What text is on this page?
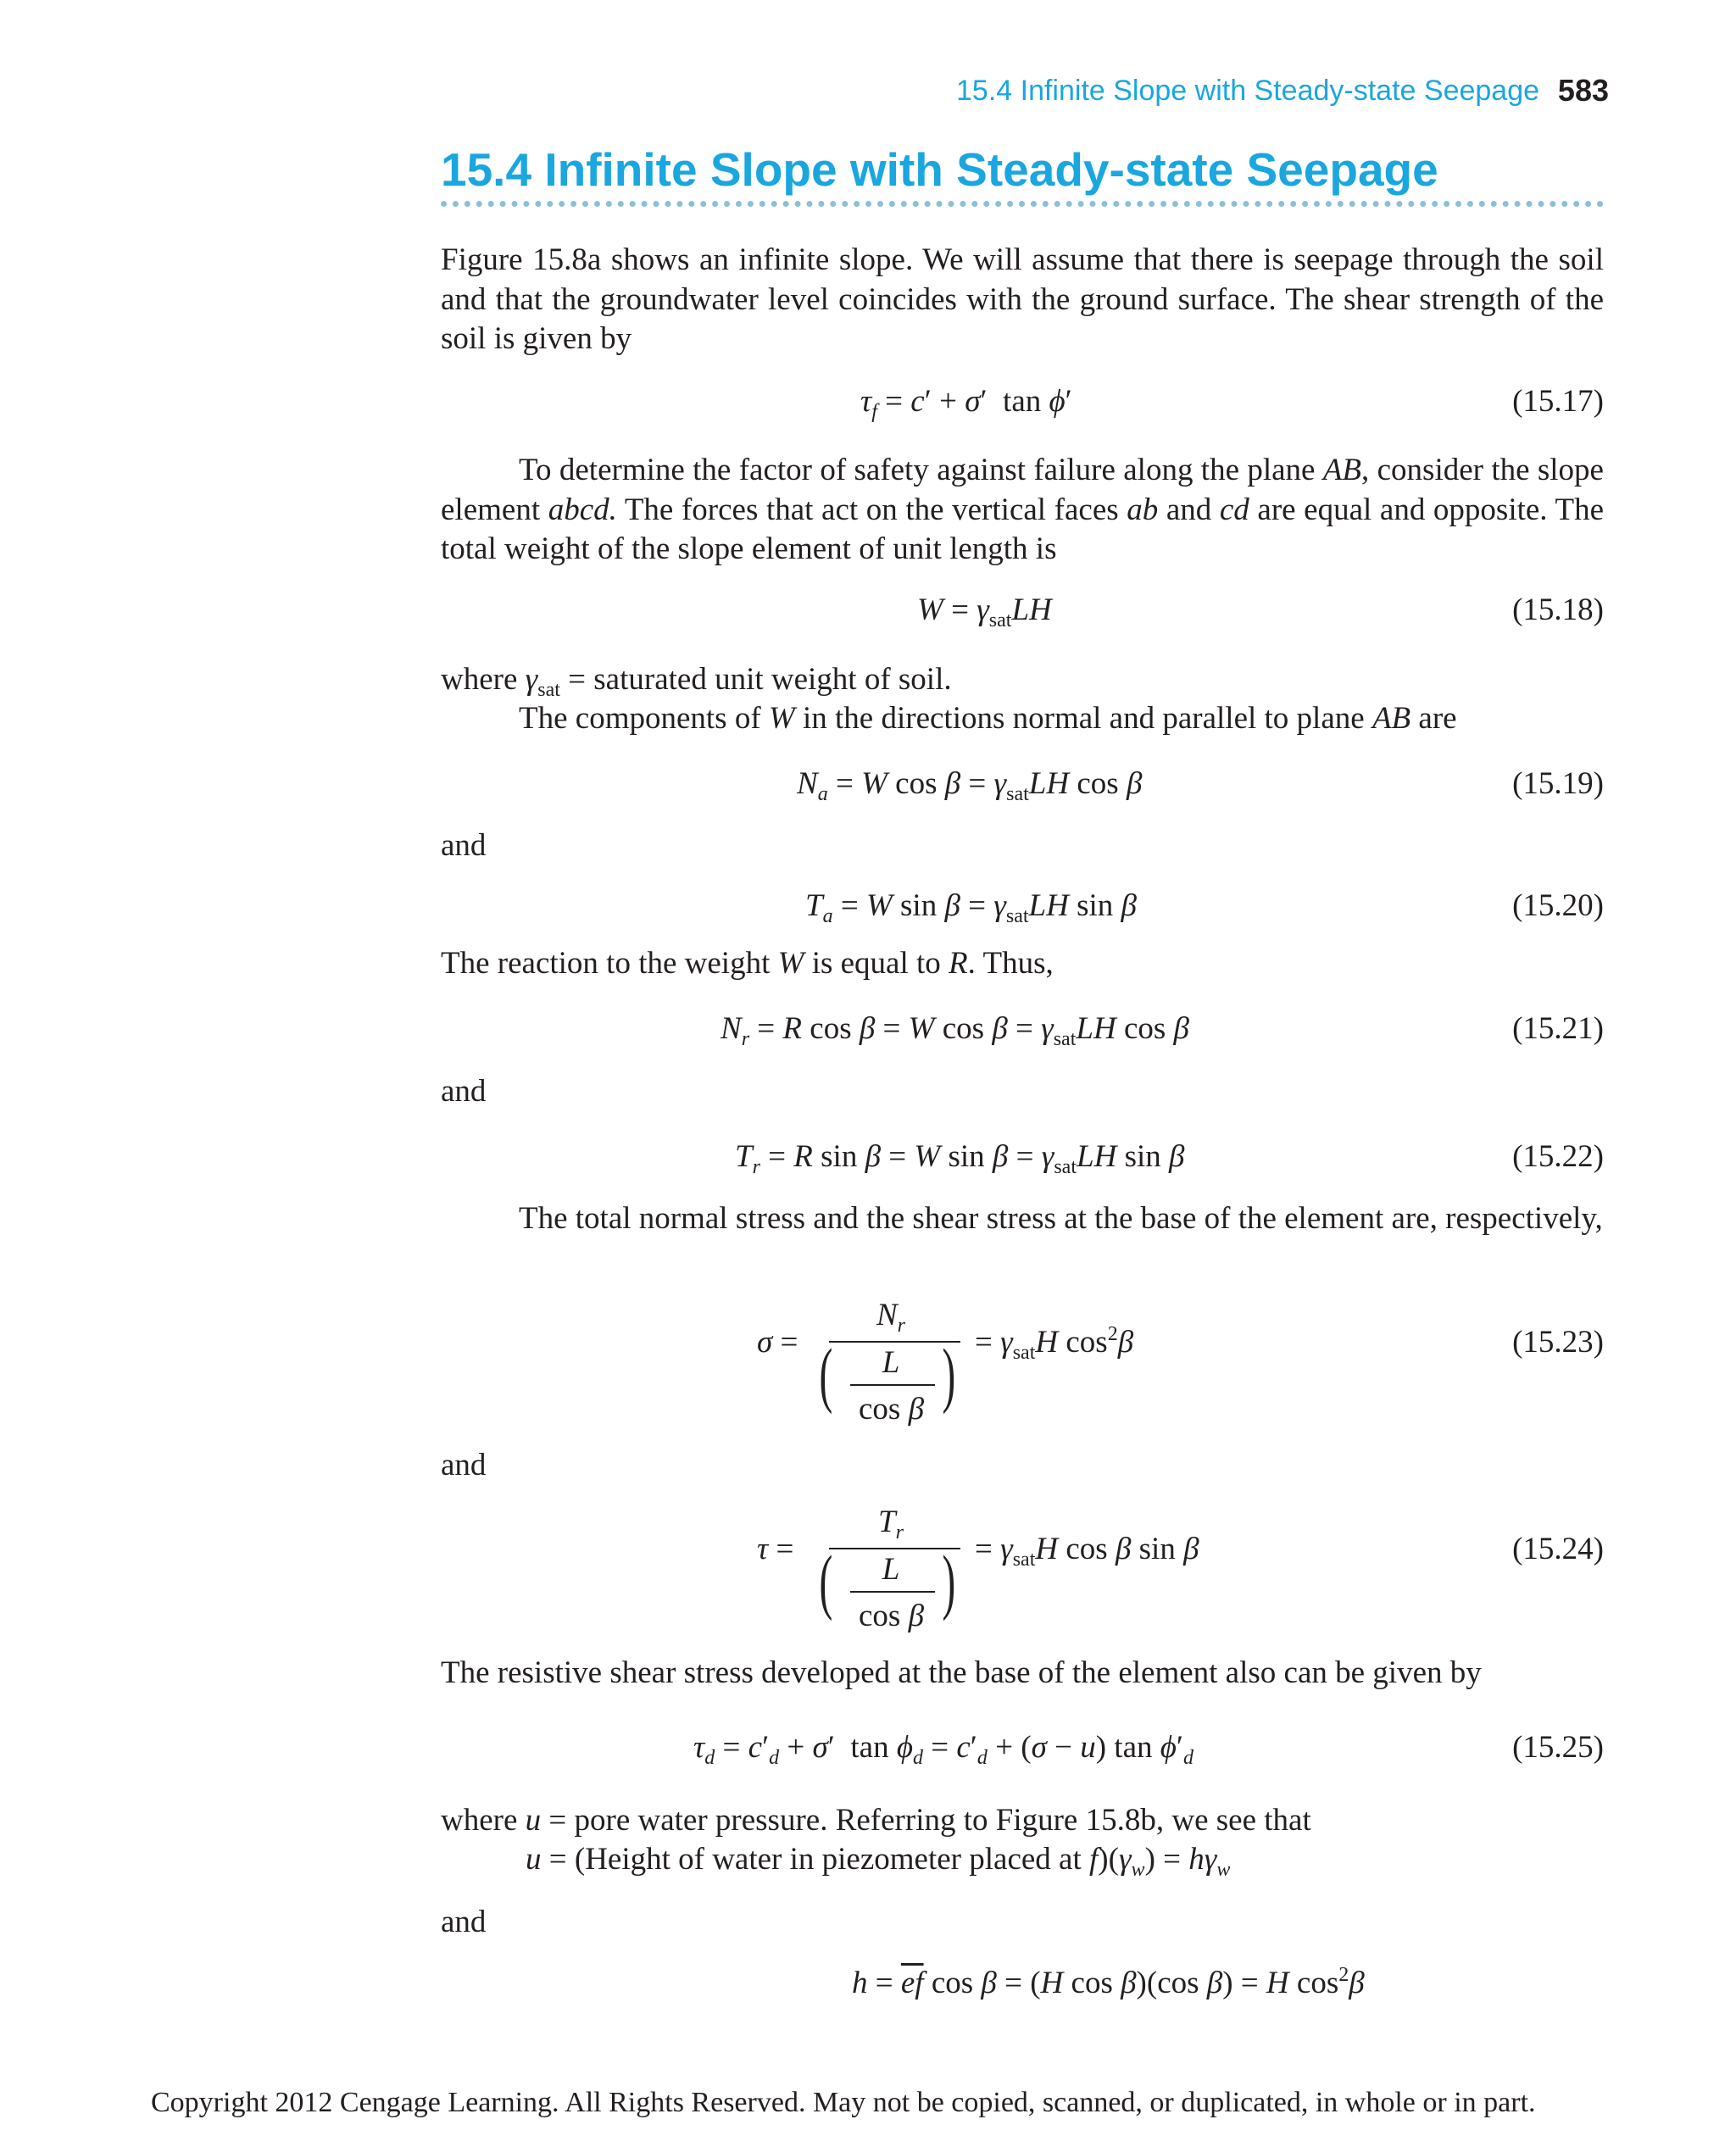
15.4 Infinite Slope with Steady-state Seepage 583
15.4 Infinite Slope with Steady-state Seepage

Figure 15.8a shows an infinite slope. We will assume that there is seepage through the soil and that the groundwater level coincides with the ground surface. The shear strength of the soil is given by

$\tau_f = c' + \sigma'$  tan ϕ′	(15.17)

To determine the factor of safety against failure along the plane AB, consider the slope element abcd. The forces that act on the vertical faces ab and cd are equal and opposite. The total weight of the slope element of unit length is

$W = \gamma_{sat}LH$	(15.18)
where $\gamma_{sat}$ = saturated unit weight of soil.
The components of W in the directions normal and parallel to plane AB are
$N_a = W$ $\cos \beta = \gamma_{sat}LH$ cos β	(15.19)
and
$T_a = W$ $\sin \beta = \gamma_{sat}LH$ sin β	(15.20)
The reaction to the weight W is equal to R. Thus,
$N_r = R$ cos β = W $\cos \beta = \gamma_{sat}LH$ cos β	(15.21)
and
$T_r = R$ sin β = W $\sin \beta = \gamma_{sat}LH$ sin β	(15.22)

The total normal stress and the shear stress at the base of the element are, respectively,

σ =
$N_r$
(	L
cos β ) = $\gamma_{sat}H$ $\cos^2\beta$	(15.23)
and
τ =
$T_r$
(	L
cos β ) = $\gamma_{sat}H$ cos β sin β	(15.24)
The resistive shear stress developed at the base of the element also can be given by
$\tau_d = c'_d + \sigma'$  $\tan \phi_d = c'_d + (\sigma - u)$ $\tan \phi'_d$	(15.25)
where u = pore water pressure. Referring to Figure 15.8b, we see that
u = (Height of water in piezometer placed at $f)(\gamma_w) = h\gamma_w$
and
$h = \overline{ef}$ cos β = (H cos β)(cos β) = H $\cos^2\beta$
Copyright 2012 Cengage Learning. All Rights Reserved. May not be copied, scanned, or duplicated, in whole or in part.
